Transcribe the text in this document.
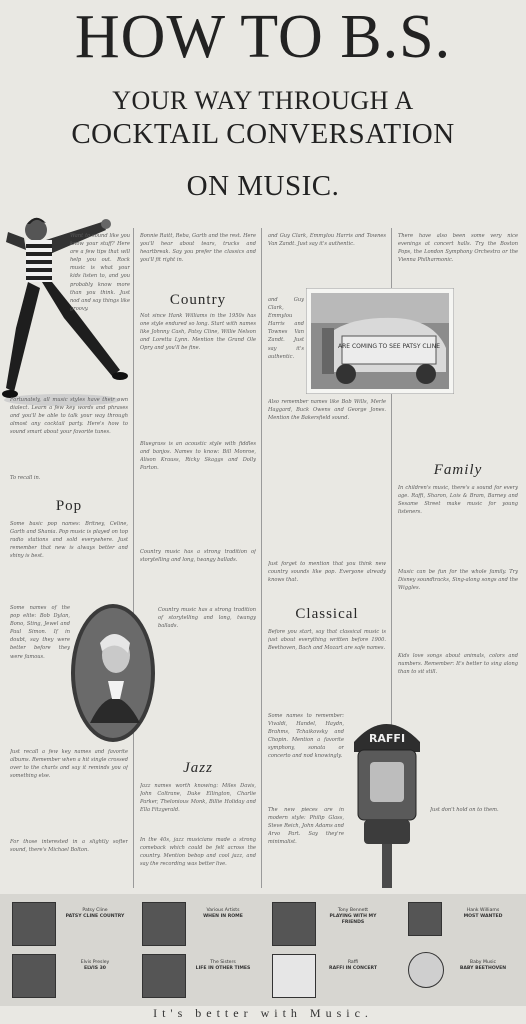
HOW TO B.S.
YOUR WAY THROUGH A
COCKTAIL CONVERSATION
ON MUSIC.
Want to sound like you know your stuff? Here are a few tips that will help you out. Rock music is what your kids listen to, and you probably know more than you think. Just nod and say things like groovy.
Fortunately, all music styles have their own dialect. Learn a few key words and phrases and you'll be able to talk your way through almost any cocktail party. Here's how to sound smart about your favorite tunes.
To recall in.
Pop
Some basic pop names: Britney, Celine, Garth and Shania. Pop music is played on top radio stations and sold everywhere. Just remember that new is always better and shiny is best.
Some names of the pop elite: Bob Dylan, Bono, Sting, Jewel and Paul Simon. If in doubt, say they were better before they were famous.
Just recall a few key names and favorite albums. Remember when a hit single crossed over to the charts and say it reminds you of something else.
For those interested in a slightly softer sound, there's Michael Bolton.
Bonnie Raitt, Reba, Garth and the rest. Here you'll hear about tears, trucks and heartbreak. Say you prefer the classics and you'll fit right in.
Country
Not since Hank Williams in the 1950s has one style endured so long. Start with names like Johnny Cash, Patsy Cline, Willie Nelson and Loretta Lynn. Mention the Grand Ole Opry and you'll be fine.
Bluegrass is an acoustic style with fiddles and banjos. Names to know: Bill Monroe, Alison Krauss, Ricky Skaggs and Dolly Parton.
Country music has a strong tradition of storytelling and long, twangy ballads.
Country music has a strong tradition of storytelling and long, twangy ballads.
Jazz
Jazz names worth knowing: Miles Davis, John Coltrane, Duke Ellington, Charlie Parker, Thelonious Monk, Billie Holiday and Ella Fitzgerald.
In the 40s, jazz musicians made a strong comeback which could be felt across the country. Mention bebop and cool jazz, and say the recording was better live.
and Guy Clark, Emmylou Harris and Townes Van Zandt. Just say it's authentic.
and Guy Clark, Emmylou Harris and Townes Van Zandt. Just say it's authentic.
ARE COMING TO SEE PATSY CLINE
Also remember names like Bob Wills, Merle Haggard, Buck Owens and George Jones. Mention the Bakersfield sound.
Just forget to mention that you think new country sounds like pop. Everyone already knows that.
Classical
Before you start, say that classical music is just about everything written before 1900. Beethoven, Bach and Mozart are safe names.
Some names to remember: Vivaldi, Handel, Haydn, Brahms, Tchaikovsky and Chopin. Mention a favorite symphony, sonata or concerto and nod knowingly.
The new pieces are in modern style: Philip Glass, Steve Reich, John Adams and Arvo Part. Say they're minimalist.
RAFFI
There have also been some very nice evenings at concert halls. Try the Boston Pops, the London Symphony Orchestra or the Vienna Philharmonic.
Family
In children's music, there's a sound for every age. Raffi, Sharon, Lois & Bram, Barney and Sesame Street make music for young listeners.
Music can be fun for the whole family. Try Disney soundtracks, Sing-along songs and the Wiggles.
Kids love songs about animals, colors and numbers. Remember: It's better to sing along than to sit still.
Just don't hold on to them.
Patsy Cline
PATSY CLINE COUNTRY
Various Artists
WHEN IN ROME
Tony Bennett
PLAYING WITH MY FRIENDS
Hank Williams
MOST WANTED
Elvis Presley
ELVIS 30
The Sisters
LIFE IN OTHER TIMES
Raffi
RAFFI IN CONCERT
Baby Music
BABY BEETHOVEN
It's better with Music.
